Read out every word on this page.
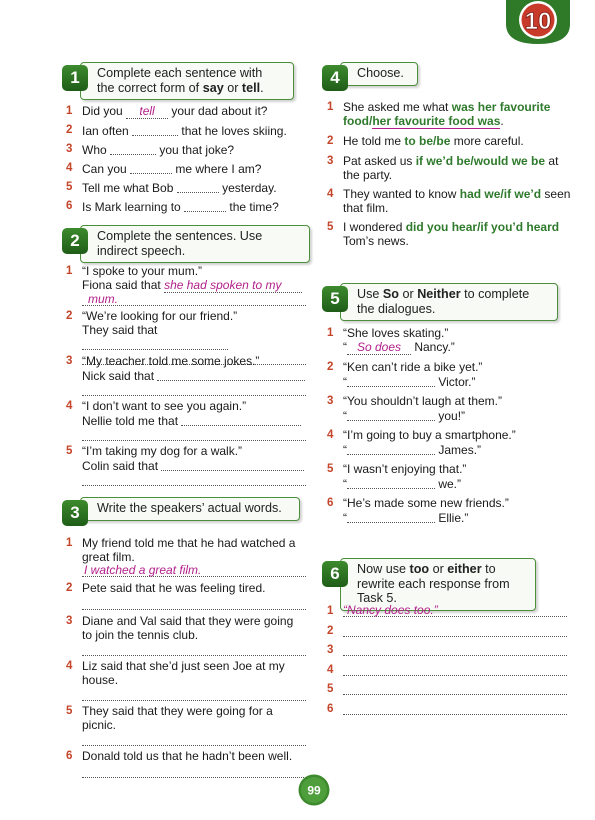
10
1	Complete each sentence with the correct form of say or tell.
1 Did you tell your dad about it?
2 Ian often	that he loves skiing.
3 Who	you that joke?
4 Can you	me where I am?
5 Tell me what Bob	yesterday.
6 Is Mark learning to	the time?
2	Complete the sentences. Use indirect speech.
1 “I spoke to your mum.”
Fiona said that she had spoken to my

mum.
2 “We’re looking for our friend.”
They said that
3 “My teacher told me some jokes.”
Nick said that
4 “I don’t want to see you again.”
Nellie told me that
5 “I’m taking my dog for a walk.”
Colin said that
3	Write the speakers’ actual words.
1 My friend told me that he had watched a
great film.
I watched a great film.
2 Pete said that he was feeling tired.
3 Diane and Val said that they were going
to join the tennis club.
4 Liz said that she’d just seen Joe at my
house.
5 They said that they were going for a
picnic.
6 Donald told us that he hadn’t been well.
4	Choose.
1 She asked me what was her favourite food/her favourite food was.
2 He told me to be/be more careful.
3 Pat asked us if we’d be/would we be at the party.
4 They wanted to know had we/if we’d seen that film.
5 I wondered did you hear/if you’d heard Tom’s news.
5	Use So or Neither to complete the dialogues.
1 “She loves skating.”
“ So does Nancy.”
2 “Ken can’t ride a bike yet.”
“	Victor.”
3 “You shouldn’t laugh at them.”
“	you!”
4 “I’m going to buy a smartphone.”
“	James.”
5 “I wasn’t enjoying that.”
“	we.”
6 “He’s made some new friends.”
“	Ellie.”
6	Now use too or either to rewrite each response from Task 5.
1 “Nancy does too.”
2
3
4
5
6
99
